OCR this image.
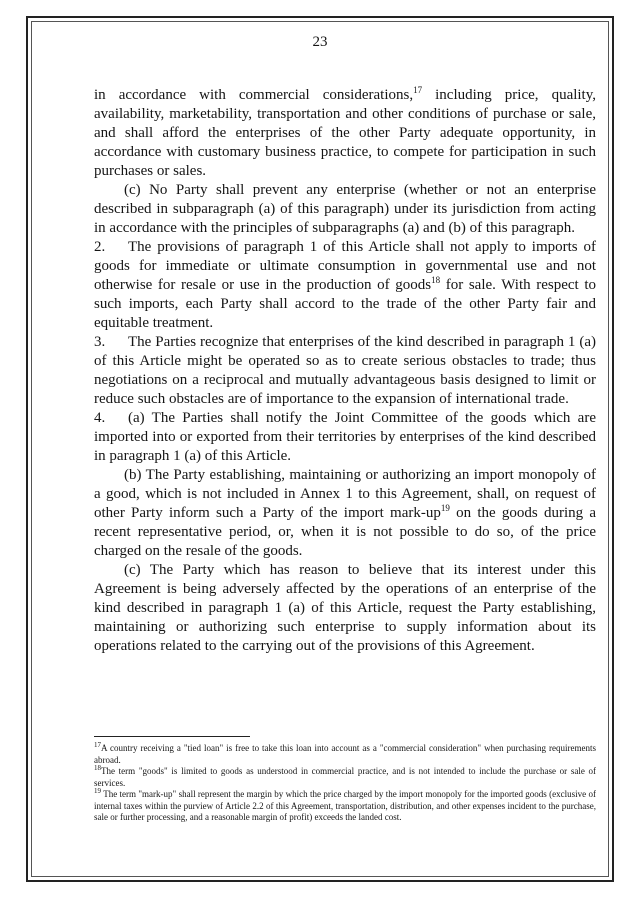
23

in accordance with commercial considerations,$^{17}$ including price, quality, availability, marketability, transportation and other conditions of purchase or sale, and shall afford the enterprises of the other Party adequate opportunity, in accordance with customary business practice, to compete for participation in such purchases or sales.

(c) No Party shall prevent any enterprise (whether or not an enterprise described in subparagraph (a) of this paragraph) under its jurisdiction from acting in accordance with the principles of subparagraphs (a) and (b) of this paragraph.

2. The provisions of paragraph 1 of this Article shall not apply to imports of goods for immediate or ultimate consumption in governmental use and not otherwise for resale or use in the production of goods$^{18}$ for sale. With respect to such imports, each Party shall accord to the trade of the other Party fair and equitable treatment.

3. The Parties recognize that enterprises of the kind described in paragraph 1 (a) of this Article might be operated so as to create serious obstacles to trade; thus negotiations on a reciprocal and mutually advantageous basis designed to limit or reduce such obstacles are of importance to the expansion of international trade.

4. (a) The Parties shall notify the Joint Committee of the goods which are imported into or exported from their territories by enterprises of the kind described in paragraph 1 (a) of this Article.

(b) The Party establishing, maintaining or authorizing an import monopoly of a good, which is not included in Annex 1 to this Agreement, shall, on request of other Party inform such a Party of the import mark-$up^{19}$ on the goods during a recent representative period, or, when it is not possible to do so, of the price charged on the resale of the goods.

(c) The Party which has reason to believe that its interest under this Agreement is being adversely affected by the operations of an enterprise of the kind described in paragraph 1 (a) of this Article, request the Party establishing, maintaining or authorizing such enterprise to supply information about its operations related to the carrying out of the provisions of this Agreement.

$^{17}$A country receiving a "tied loan" is free to take this loan into account as a "commercial consideration" when purchasing requirements abroad.

$^{18}$The term "goods" is limited to goods as understood in commercial practice, and is not intended to include the purchase or sale of services.

$^{19}$ The term "mark-up" shall represent the margin by which the price charged by the import monopoly for the imported goods (exclusive of internal taxes within the purview of Article 2.2 of this Agreement, transportation, distribution, and other expenses incident to the purchase, sale or further processing, and a reasonable margin of profit) exceeds the landed cost.
